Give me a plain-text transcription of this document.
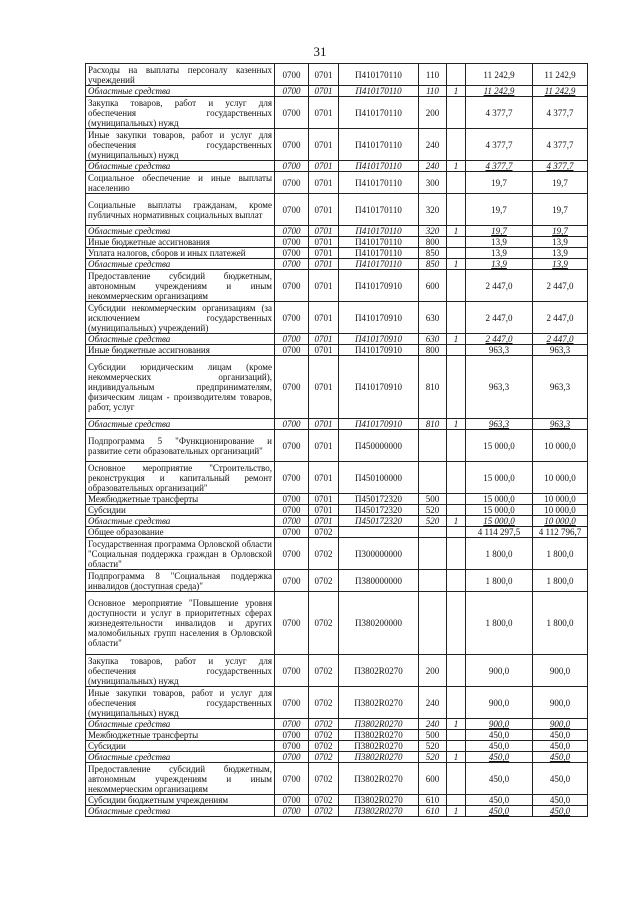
31
Расходы на выплаты персоналу казенных учреждений	0700	0701	П410170110	110		11 242,9	11 242,9
Областные средства	0700	0701	П410170110	110	1	11 242,9	11 242,9
Закупка товаров, работ и услуг для обеспечения государственных (муниципальных) нужд	0700	0701	П410170110	200		4 377,7	4 377,7
Иные закупки товаров, работ и услуг для обеспечения государственных (муниципальных) нужд	0700	0701	П410170110	240		4 377,7	4 377,7
Областные средства	0700	0701	П410170110	240	1	4 377,7	4 377,7
Социальное обеспечение и иные выплаты населению	0700	0701	П410170110	300		19,7	19,7
Социальные выплаты гражданам, кроме публичных нормативных социальных выплат	0700	0701	П410170110	320		19,7	19,7
Областные средства	0700	0701	П410170110	320	1	19,7	19,7
Иные бюджетные ассигнования	0700	0701	П410170110	800		13,9	13,9
Уплата налогов, сборов и иных платежей	0700	0701	П410170110	850		13,9	13,9
Областные средства	0700	0701	П410170110	850	1	13,9	13,9
Предоставление субсидий бюджетным, автономным учреждениям и иным некоммерческим организациям	0700	0701	П410170910	600		2 447,0	2 447,0
Субсидии некоммерческим организациям (за исключением государственных (муниципальных) учреждений)	0700	0701	П410170910	630		2 447,0	2 447,0
Областные средства	0700	0701	П410170910	630	1	2 447,0	2 447,0
Иные бюджетные ассигнования	0700	0701	П410170910	800		963,3	963,3
Субсидии юридическим лицам (кроме некоммерческих организаций), индивидуальным предпринимателям, физическим лицам - производителям товаров, работ, услуг	0700	0701	П410170910	810		963,3	963,3
Областные средства	0700	0701	П410170910	810	1	963,3	963,3
Подпрограмма 5 "Функционирование и развитие сети образовательных организаций"	0700	0701	П450000000			15 000,0	10 000,0
Основное мероприятие "Строительство, реконструкция и капитальный ремонт образовательных организаций"	0700	0701	П450100000			15 000,0	10 000,0
Межбюджетные трансферты	0700	0701	П450172320	500		15 000,0	10 000,0
Субсидии	0700	0701	П450172320	520		15 000,0	10 000,0
Областные средства	0700	0701	П450172320	520	1	15 000,0	10 000,0
Общее образование	0700	0702				4 114 297,5	4 112 796,7
Государственная программа Орловской области "Социальная поддержка граждан в Орловской области"	0700	0702	П300000000			1 800,0	1 800,0
Подпрограмма 8 "Социальная поддержка инвалидов (доступная среда)"	0700	0702	П380000000			1 800,0	1 800,0
Основное мероприятие "Повышение уровня доступности и услуг в приоритетных сферах жизнедеятельности инвалидов и других маломобильных групп населения в Орловской области"	0700	0702	П380200000			1 800,0	1 800,0
Закупка товаров, работ и услуг для обеспечения государственных (муниципальных) нужд	0700	0702	П3802R0270	200		900,0	900,0
Иные закупки товаров, работ и услуг для обеспечения государственных (муниципальных) нужд	0700	0702	П3802R0270	240		900,0	900,0
Областные средства	0700	0702	П3802R0270	240	1	900,0	900,0
Межбюджетные трансферты	0700	0702	П3802R0270	500		450,0	450,0
Субсидии	0700	0702	П3802R0270	520		450,0	450,0
Областные средства	0700	0702	П3802R0270	520	1	450,0	450,0
Предоставление субсидий бюджетным, автономным учреждениям и иным некоммерческим организациям	0700	0702	П3802R0270	600		450,0	450,0
Субсидии бюджетным учреждениям	0700	0702	П3802R0270	610		450,0	450,0
Областные средства	0700	0702	П3802R0270	610	1	450,0	450,0
